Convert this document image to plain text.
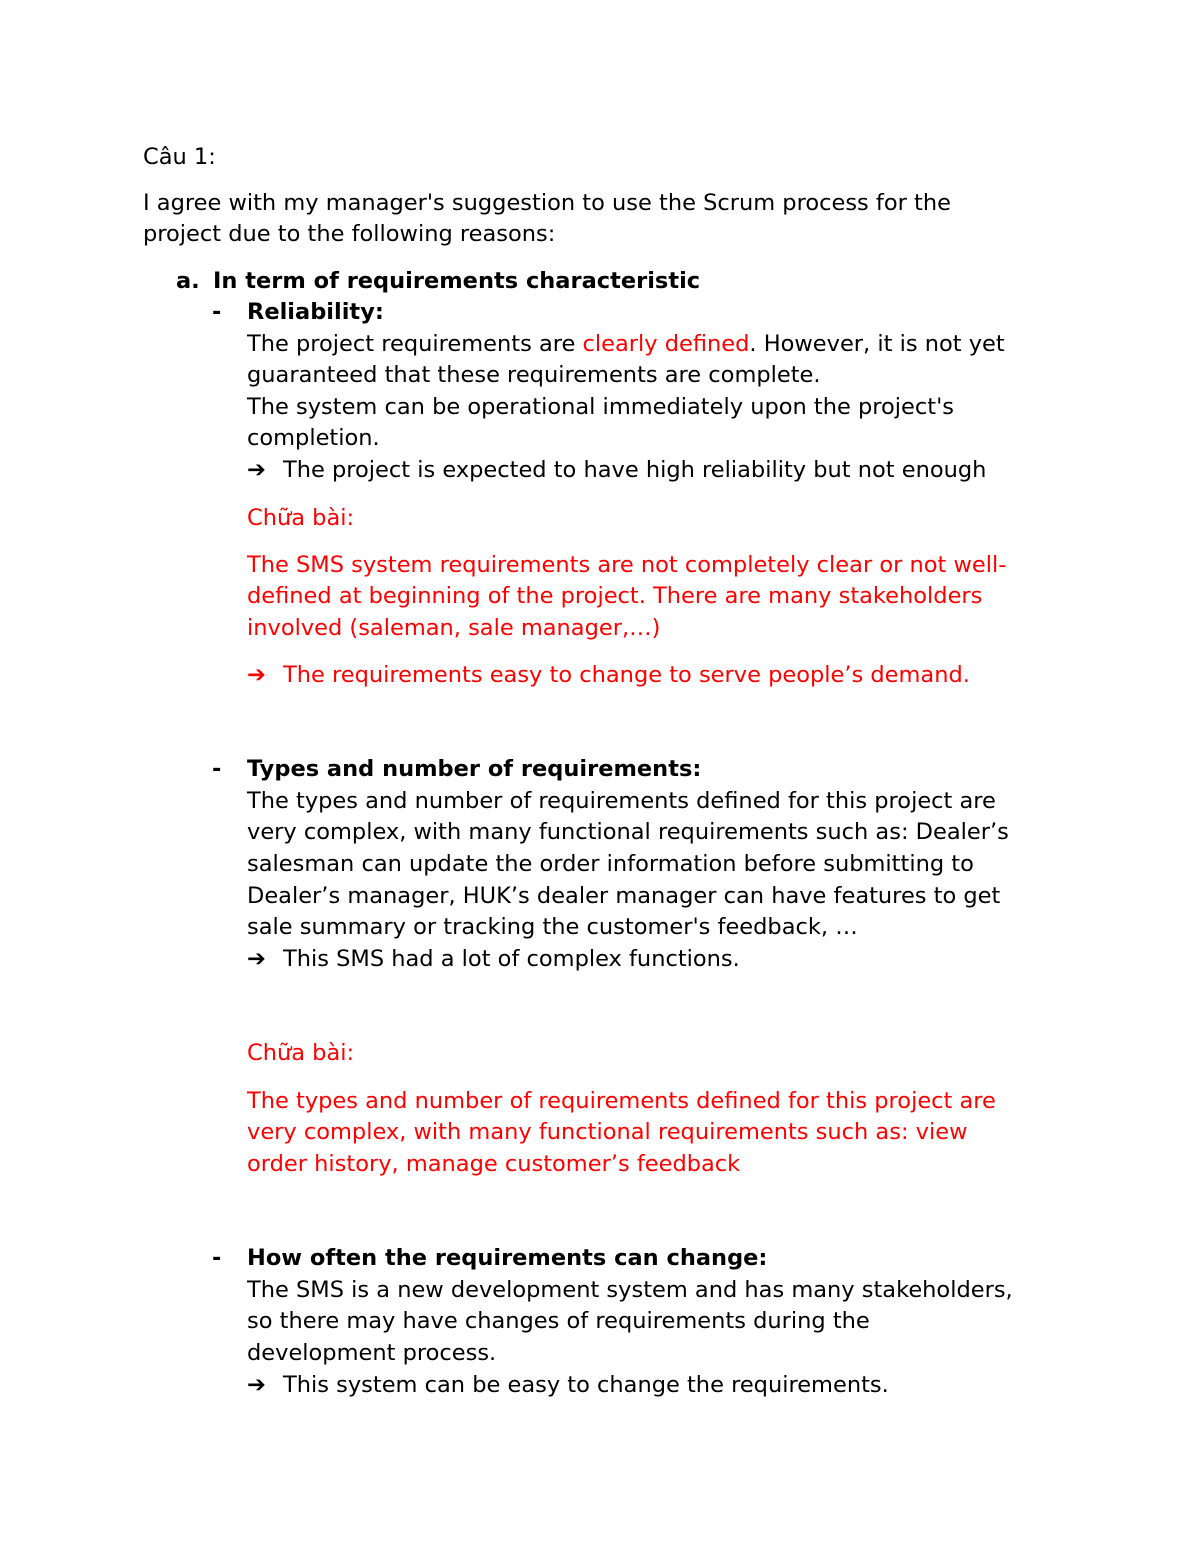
Câu 1:
I agree with my manager's suggestion to use the Scrum process for the
project due to the following reasons:
a. In term of requirements characteristic
- Reliability:
The project requirements are clearly defined. However, it is not yet
guaranteed that these requirements are complete.
The system can be operational immediately upon the project's
completion.
➔ The project is expected to have high reliability but not enough
Chữa bài:
The SMS system requirements are not completely clear or not well-
defined at beginning of the project. There are many stakeholders
involved (saleman, sale manager,…)
➔ The requirements easy to change to serve people’s demand.
- Types and number of requirements:
The types and number of requirements defined for this project are
very complex, with many functional requirements such as: Dealer’s
salesman can update the order information before submitting to
Dealer’s manager, HUK’s dealer manager can have features to get
sale summary or tracking the customer's feedback, …
➔ This SMS had a lot of complex functions.
Chữa bài:
The types and number of requirements defined for this project are
very complex, with many functional requirements such as: view
order history, manage customer’s feedback
- How often the requirements can change:
The SMS is a new development system and has many stakeholders,
so there may have changes of requirements during the
development process.
➔ This system can be easy to change the requirements.
